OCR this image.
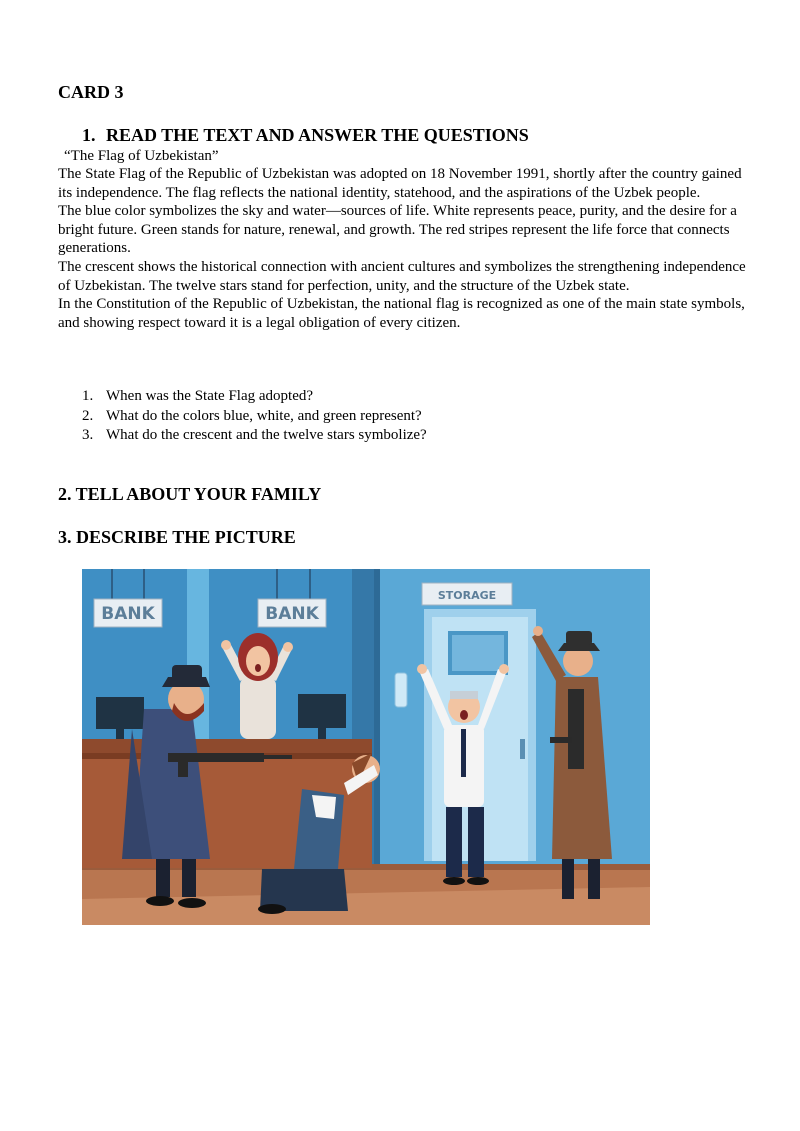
CARD 3
1. READ THE TEXT AND ANSWER THE QUESTIONS
“The Flag of Uzbekistan”

The State Flag of the Republic of Uzbekistan was adopted on 18 November 1991, shortly after the country gained its independence. The flag reflects the national identity, statehood, and the aspirations of the Uzbek people.

The blue color symbolizes the sky and water—sources of life. White represents peace, purity, and the desire for a bright future. Green stands for nature, renewal, and growth. The red stripes represent the life force that connects generations.

The crescent shows the historical connection with ancient cultures and symbolizes the strengthening independence of Uzbekistan. The twelve stars stand for perfection, unity, and the structure of the Uzbek state.

In the Constitution of the Republic of Uzbekistan, the national flag is recognized as one of the main state symbols, and showing respect toward it is a legal obligation of every citizen.

1. When was the State Flag adopted?
2. What do the colors blue, white, and green represent?
3. What do the crescent and the twelve stars symbolize?
2. TELL ABOUT YOUR FAMILY
3. DESCRIBE THE PICTURE
BANK	BANK
STORAGE
